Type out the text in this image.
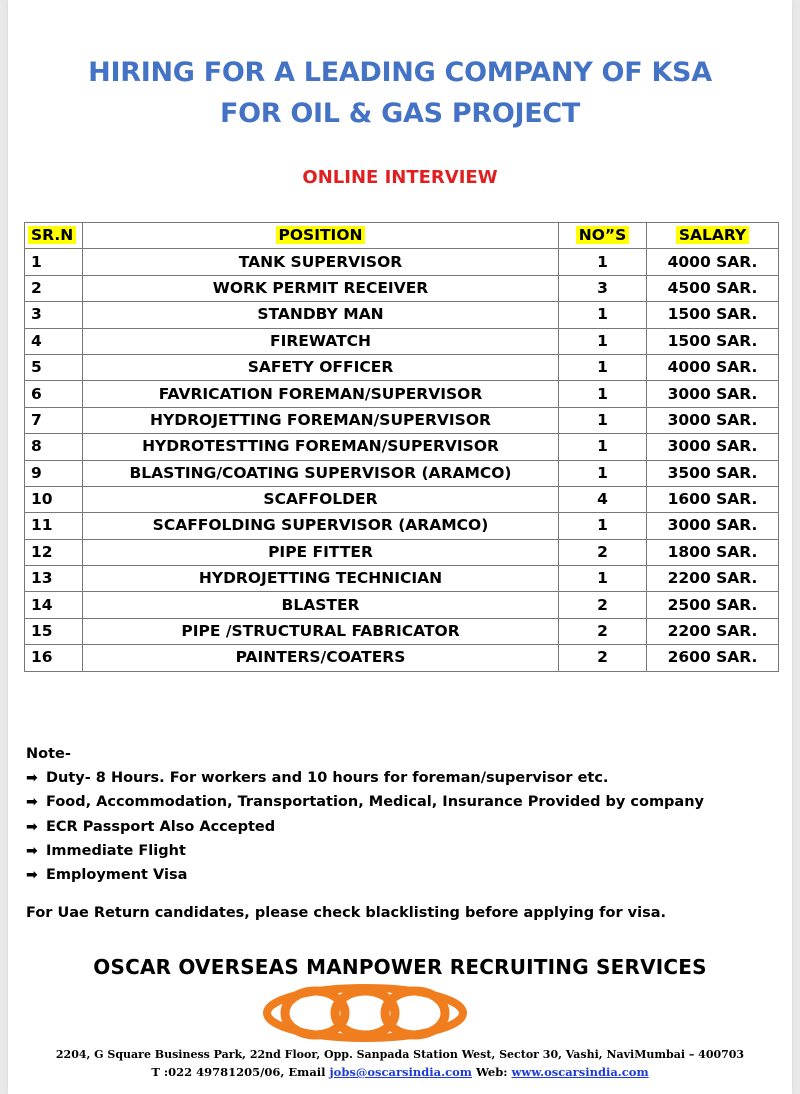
HIRING FOR A LEADING COMPANY OF KSA
FOR OIL & GAS PROJECT
ONLINE INTERVIEW
SR.N	POSITION	NO”S	SALARY
1	TANK SUPERVISOR	1	4000 SAR.
2	WORK PERMIT RECEIVER	3	4500 SAR.
3	STANDBY MAN	1	1500 SAR.
4	FIREWATCH	1	1500 SAR.
5	SAFETY OFFICER	1	4000 SAR.
6	FAVRICATION FOREMAN/SUPERVISOR	1	3000 SAR.
7	HYDROJETTING FOREMAN/SUPERVISOR	1	3000 SAR.
8	HYDROTESTTING FOREMAN/SUPERVISOR	1	3000 SAR.
9	BLASTING/COATING SUPERVISOR (ARAMCO)	1	3500 SAR.
10	SCAFFOLDER	4	1600 SAR.
11	SCAFFOLDING SUPERVISOR (ARAMCO)	1	3000 SAR.
12	PIPE FITTER	2	1800 SAR.
13	HYDROJETTING TECHNICIAN	1	2200 SAR.
14	BLASTER	2	2500 SAR.
15	PIPE /STRUCTURAL FABRICATOR	2	2200 SAR.
16	PAINTERS/COATERS	2	2600 SAR.
Note-
➡ Duty- 8 Hours. For workers and 10 hours for foreman/supervisor etc.
➡ Food, Accommodation, Transportation, Medical, Insurance Provided by company
➡ ECR Passport Also Accepted
➡ Immediate Flight
➡ Employment Visa
For Uae Return candidates, please check blacklisting before applying for visa.
OSCAR OVERSEAS MANPOWER RECRUITING SERVICES
2204, G Square Business Park, 22nd Floor, Opp. Sanpada Station West, Sector 30, Vashi, NaviMumbai – 400703
T :022 49781205/06, Email jobs@oscarsindia.com Web: www.oscarsindia.com
